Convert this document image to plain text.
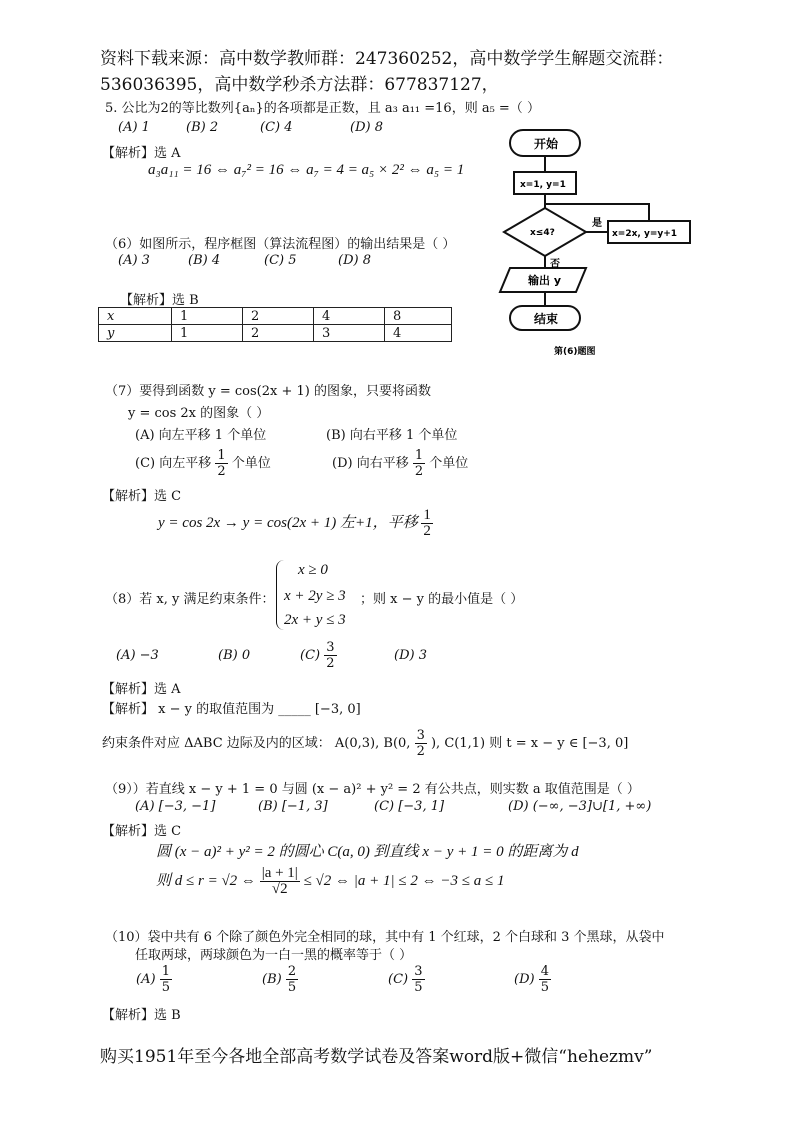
资料下载来源：高中数学教师群：247360252，高中数学学生解题交流群：
536036395，高中数学秒杀方法群：677837127，
5. 公比为2的等比数列{aₙ}的各项都是正数，且 a₃ a₁₁ =16，则 a₅ =（ ）
(A) 1	(B) 2	(C) 4	(D) 8
【解析】选 A
a₃a₁₁ = 16 ⇔ a₇² = 16 ⇔ a₇ = 4 = a₅ × 2² ⇔ a₅ = 1
开始
x=1, y=1
x≤4?
是
x=2x, y=y+1
否
输出 y
结束
第(6)题图
（6）如图所示，程序框图（算法流程图）的输出结果是（ ）
(A) 3	(B) 4	(C) 5	(D) 8
【解析】选 B
x	1	2	4	8
y	1	2	3	4
（7）要得到函数 y = cos(2x + 1) 的图象，只要将函数
y = cos 2x 的图象（ ）
(A) 向左平移 1 个单位	(B) 向右平移 1 个单位
(C) 向左平移 $\frac{1}{2}$ 个单位	(D) 向右平移 $\frac{1}{2}$ 个单位
【解析】选 C
y = cos 2x → y = cos(2x + 1) 左+1，平移 $\frac{1}{2}$
（8）若 x, y 满足约束条件：
x ≥ 0
x + 2y ≥ 3 ；则 x − y 的最小值是（ ）
2x + y ≤ 3
(A) −3	(B) 0	$(C) \frac{3}{2}$	(D) 3
【解析】选 A
【解析】 x − y 的取值范围为 _____ [−3, 0]
约束条件对应 ΔABC 边际及内的区域： A(0,3), B(0, $\frac{3}{2}$ ), C(1,1) 则 t = x − y ∈ [−3, 0]
（9））若直线 x − y + 1 = 0 与圆 (x − a)² + y² = 2 有公共点，则实数 a 取值范围是（ ）
(A) [−3, −1]	(B) [−1, 3]	(C) [−3, 1]	(D) (−∞, −3]∪[1, +∞)
【解析】选 C
圆 (x − a)² + y² = 2 的圆心 C(a, 0) 到直线 x − y + 1 = 0 的距离为 d
则 d ≤ r = √2 ⇔ $\frac{|a + 1|}{√2} \le √2$ ⇔ |a + 1| ≤ 2 ⇔ −3 ≤ a ≤ 1
（10）袋中共有 6 个除了颜色外完全相同的球，其中有 1 个红球，2 个白球和 3 个黑球，从袋中
任取两球，两球颜色为一白一黑的概率等于（ ）
$(A) \frac{1}{5}$	$(B) \frac{2}{5}$	$(C) \frac{3}{5}$	$(D) \frac{4}{5}$
【解析】选 B
购买1951年至今各地全部高考数学试卷及答案word版+微信“hehezmv”
